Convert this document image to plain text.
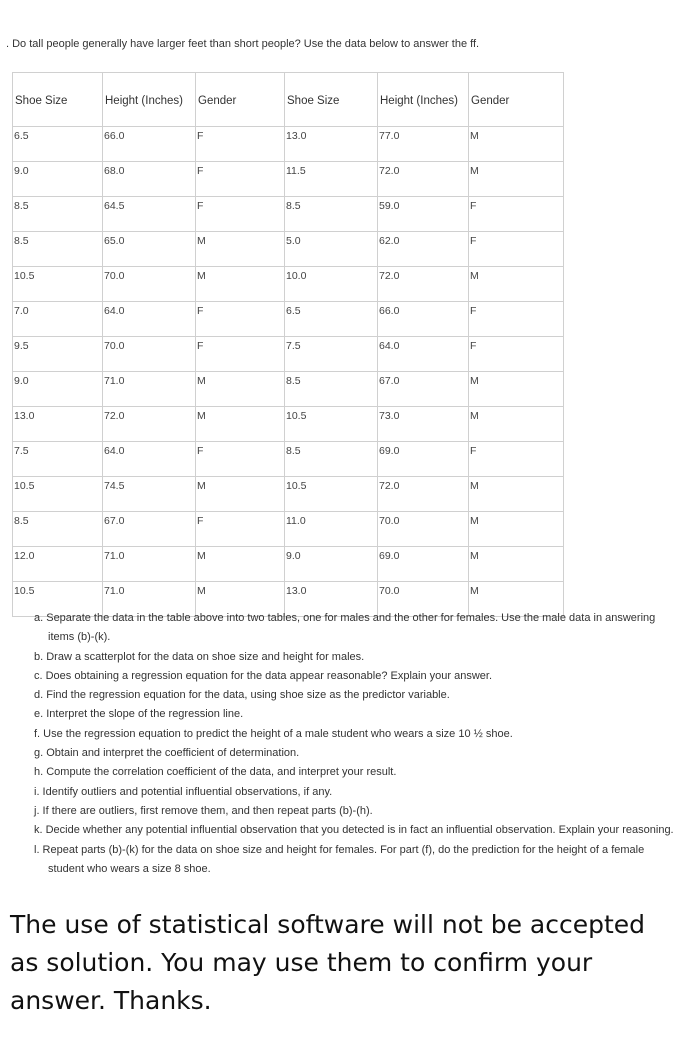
. Do tall people generally have larger feet than short people? Use the data below to answer the ff.
Shoe Size	Height (Inches)	Gender	Shoe Size	Height (Inches)	Gender
6.5	66.0	F	13.0	77.0	M
9.0	68.0	F	11.5	72.0	M
8.5	64.5	F	8.5	59.0	F
8.5	65.0	M	5.0	62.0	F
10.5	70.0	M	10.0	72.0	M
7.0	64.0	F	6.5	66.0	F
9.5	70.0	F	7.5	64.0	F
9.0	71.0	M	8.5	67.0	M
13.0	72.0	M	10.5	73.0	M
7.5	64.0	F	8.5	69.0	F
10.5	74.5	M	10.5	72.0	M
8.5	67.0	F	11.0	70.0	M
12.0	71.0	M	9.0	69.0	M
10.5	71.0	M	13.0	70.0	M
a. Separate the data in the table above into two tables, one for males and the other for females. Use the male data in answering items (b)-(k).
b. Draw a scatterplot for the data on shoe size and height for males.
c. Does obtaining a regression equation for the data appear reasonable? Explain your answer.
d. Find the regression equation for the data, using shoe size as the predictor variable.
e. Interpret the slope of the regression line.
f. Use the regression equation to predict the height of a male student who wears a size 10 ½ shoe.
g. Obtain and interpret the coefficient of determination.
h. Compute the correlation coefficient of the data, and interpret your result.
i. Identify outliers and potential influential observations, if any.
j. If there are outliers, first remove them, and then repeat parts (b)-(h).
k. Decide whether any potential influential observation that you detected is in fact an influential observation. Explain your reasoning.
l. Repeat parts (b)-(k) for the data on shoe size and height for females. For part (f), do the prediction for the height of a female student who wears a size 8 shoe.
The use of statistical software will not be accepted as solution. You may use them to confirm your answer. Thanks.
